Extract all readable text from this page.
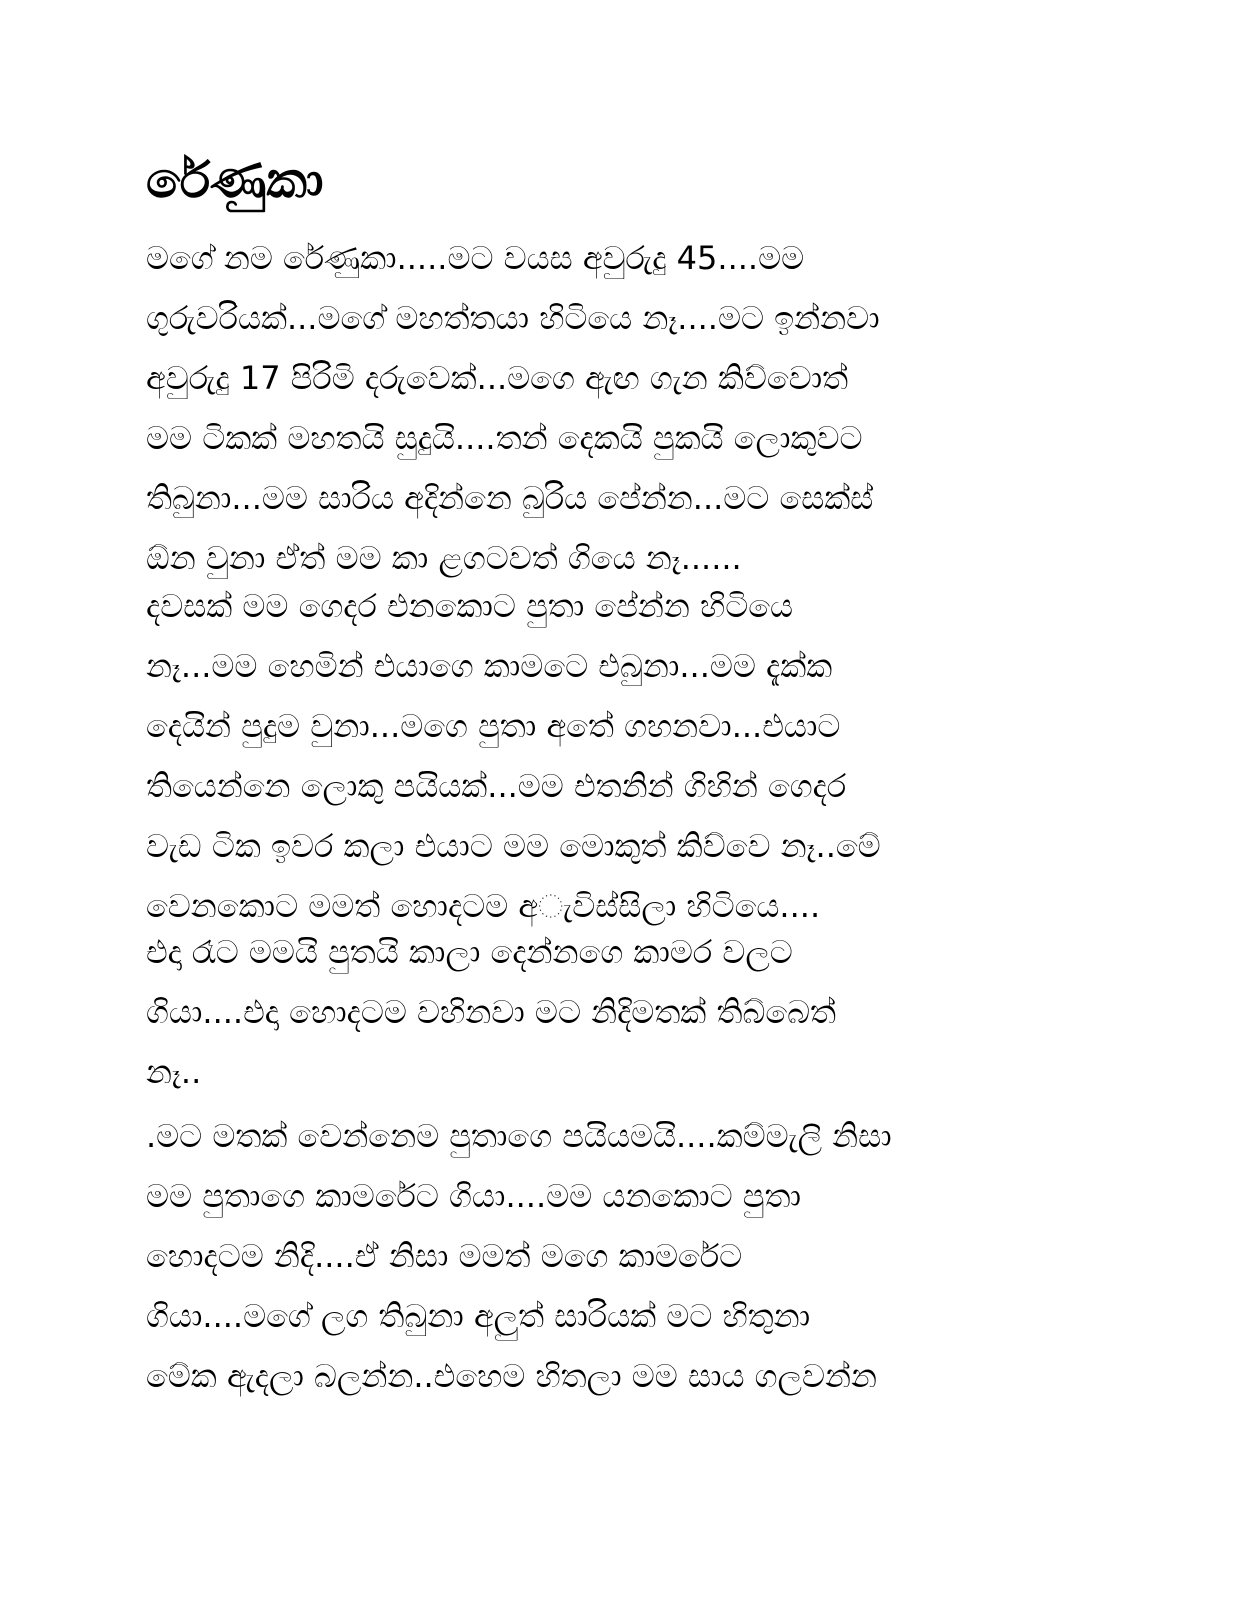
රේණුකා
මගේ නම රේණුකා.....මට වයස අවුරුදු 45....මම
ගුරුවරියක්...මගේ මහත්තයා හිටියෙ නෑ....මට ඉන්නවා
අවුරුදු 17 පිරිමි දරුවෙක්...මගෙ ඇඟ ගැන කිව්වොත්
මම ටිකක් මහතයි සුදුයි....තන් දෙකයි පුකයි ලොකුවට
තිබුනා...මම සාරිය අදින්නෙ බුරිය පේන්න...මට සෙක්ස්
ඕන වුනා ඒත් මම කා ළගටවත් ගියෙ නෑ......
දවසක් මම ගෙදර එනකොට පුතා පේන්න හිටියෙ
නෑ...මම හෙමින් එයාගෙ කාමටෙ එබුනා...මම දැක්ක
දෙයින් පුදුම වුනා...මගෙ පුතා අතේ ගහනවා...එයාට
තියෙන්නෙ ලොකු පයියක්...මම එතනින් ගිහින් ගෙදර
වැඩ ටික ඉවර කලා එයාට මම මොකුත් කිව්වෙ නෑ..මේ
වෙනකොට මමත් හොදටම අැවිස්සිලා හිටියෙ....
එදා රෑට මමයි පුතයි කාලා දෙන්නගෙ කාමර වලට
ගියා....එදා හොදටම වහිනවා මට නිදිමතක් තිබ්බෙත්
නෑ..
.මට මතක් වෙන්නෙම පුතාගෙ පයියමයි....කම්මැලි නිසා
මම පුතාගෙ කාමරේට ගියා....මම යනකොට පුතා
හොදටම නිදි....ඒ නිසා මමත් මගෙ කාමරේට
ගියා....මගේ ලග තිබුනා අලුත් සාරියක් මට හිතුනා
මේක ඇදලා බලන්න..එහෙම හිතලා මම සාය ගලවන්න
